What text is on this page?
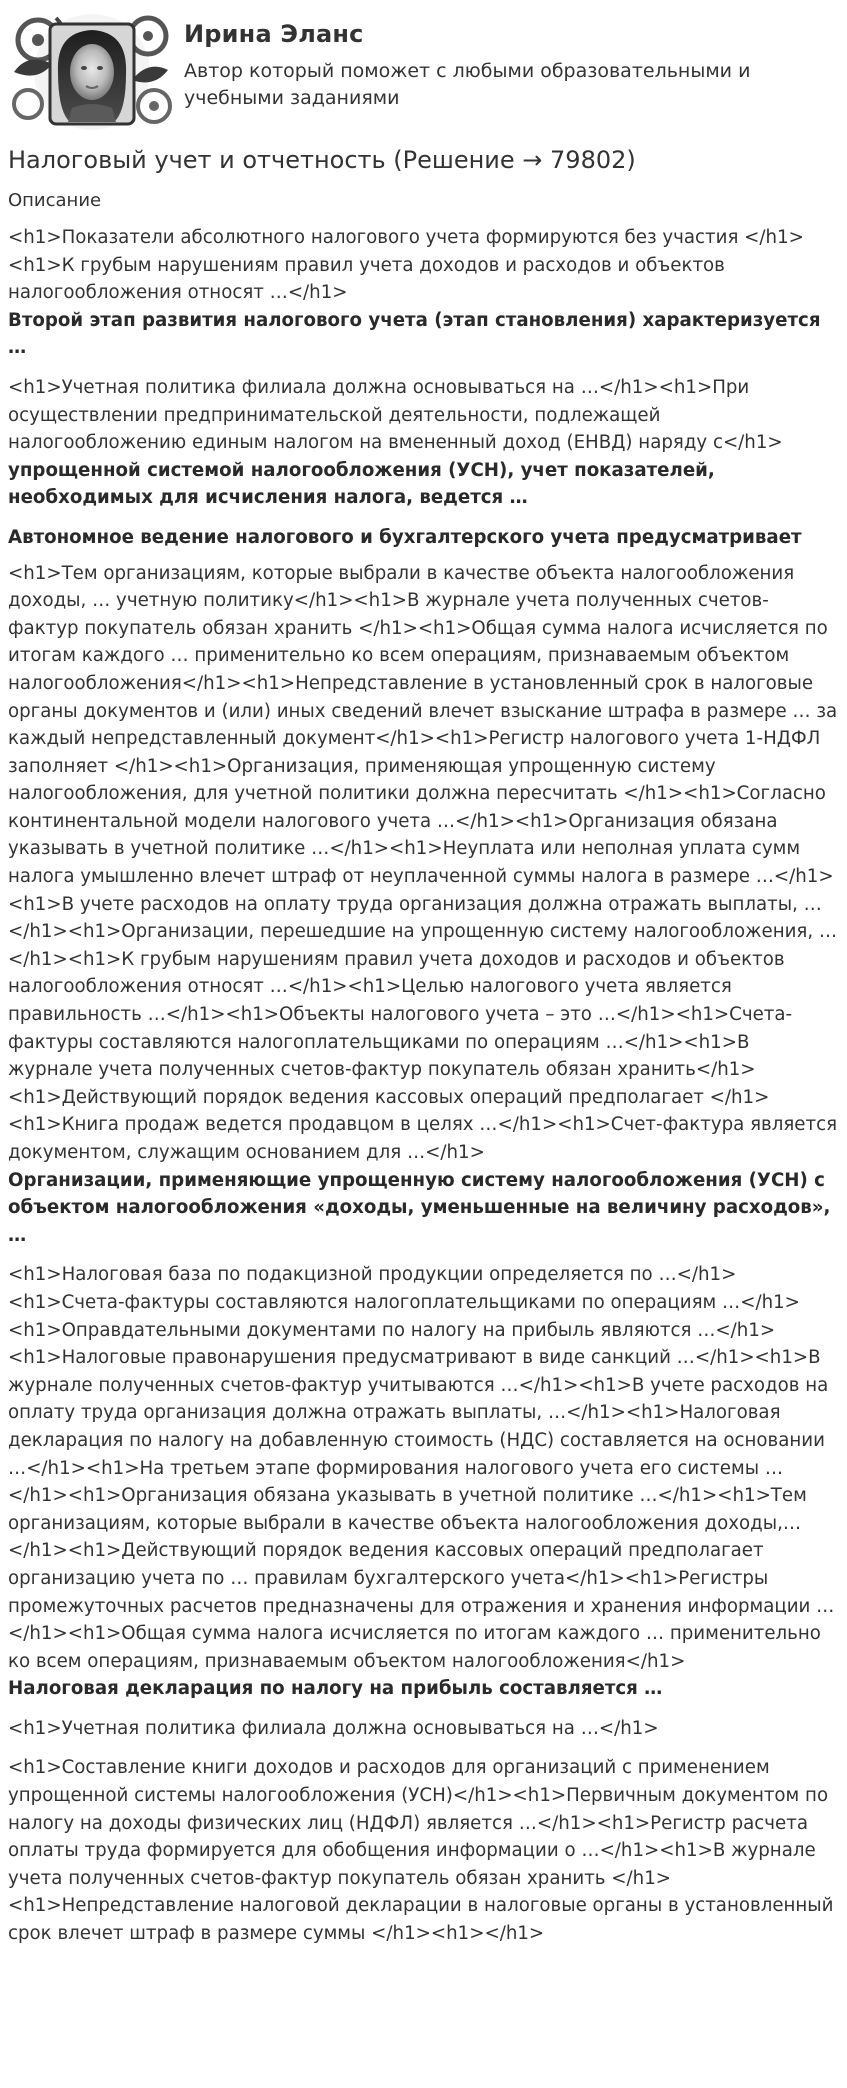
Ирина Эланс
Автор который поможет с любыми образовательными и учебными заданиями
Налоговый учет и отчетность (Решение → 79802)
Описание

<h1>Показатели абсолютного налогового учета формируются без участия </h1><h1>К грубым нарушениям правил учета доходов и расходов и объектов налогообложения относят …</h1>

Второй этап развития налогового учета (этап становления) характеризуется …

<h1>Учетная политика филиала должна основываться на …</h1><h1>При осуществлении предпринимательской деятельности, подлежащей налогообложению единым налогом на вмененный доход (ЕНВД) наряду с</h1>

упрощенной системой налогообложения (УСН), учет показателей, необходимых для исчисления налога, ведется …

Автономное ведение налогового и бухгалтерского учета предусматривает

<h1>Тем организациям, которые выбрали в качестве объекта налогообложения доходы, … учетную политику</h1><h1>В журнале учета полученных счетов-фактур покупатель обязан хранить </h1><h1>Общая сумма налога исчисляется по итогам каждого … применительно ко всем операциям, признаваемым объектом налогообложения</h1><h1>Непредставление в установленный срок в налоговые органы документов и (или) иных сведений влечет взыскание штрафа в размере … за каждый непредставленный документ</h1><h1>Регистр налогового учета 1-НДФЛ заполняет </h1><h1>Организация, применяющая упрощенную систему налогообложения, для учетной политики должна пересчитать </h1><h1>Согласно континентальной модели налогового учета …</h1><h1>Организация обязана указывать в учетной политике …</h1><h1>Неуплата или неполная уплата сумм налога умышленно влечет штраф от неуплаченной суммы налога в размере …</h1><h1>В учете расходов на оплату труда организация должна отражать выплаты, …</h1><h1>Организации, перешедшие на упрощенную систему налогообложения, …</h1><h1>К грубым нарушениям правил учета доходов и расходов и объектов налогообложения относят …</h1><h1>Целью налогового учета является правильность …</h1><h1>Объекты налогового учета – это …</h1><h1>Счета-фактуры составляются налогоплательщиками по операциям …</h1><h1>В журнале учета полученных счетов-фактур покупатель обязан хранить</h1><h1>Действующий порядок ведения кассовых операций предполагает </h1><h1>Книга продаж ведется продавцом в целях …</h1><h1>Счет-фактура является документом, служащим основанием для …</h1>

Организации, применяющие упрощенную систему налогообложения (УСН) с объектом налогообложения «доходы, уменьшенные на величину расходов», …

<h1>Налоговая база по подакцизной продукции определяется по …</h1><h1>Счета-фактуры составляются налогоплательщиками по операциям …</h1><h1>Оправдательными документами по налогу на прибыль являются …</h1><h1>Налоговые правонарушения предусматривают в виде санкций …</h1><h1>В журнале полученных счетов-фактур учитываются …</h1><h1>В учете расходов на оплату труда организация должна отражать выплаты, …</h1><h1>Налоговая декларация по налогу на добавленную стоимость (НДС) составляется на основании …</h1><h1>На третьем этапе формирования налогового учета его системы …</h1><h1>Организация обязана указывать в учетной политике …</h1><h1>Тем организациям, которые выбрали в качестве объекта налогообложения доходы,… </h1><h1>Действующий порядок ведения кассовых операций предполагает организацию учета по … правилам бухгалтерского учета</h1><h1>Регистры промежуточных расчетов предназначены для отражения и хранения информации …</h1><h1>Общая сумма налога исчисляется по итогам каждого … применительно ко всем операциям, признаваемым объектом налогообложения</h1>

Налоговая декларация по налогу на прибыль составляется …

<h1>Учетная политика филиала должна основываться на …</h1>

<h1>Составление книги доходов и расходов для организаций с применением упрощенной системы налогообложения (УСН)</h1><h1>Первичным документом по налогу на доходы физических лиц (НДФЛ) является …</h1><h1>Регистр расчета оплаты труда формируется для обобщения информации о …</h1><h1>В журнале учета полученных счетов-фактур покупатель обязан хранить </h1><h1>Непредставление налоговой декларации в налоговые органы в установленный срок влечет штраф в размере суммы </h1><h1></h1>
